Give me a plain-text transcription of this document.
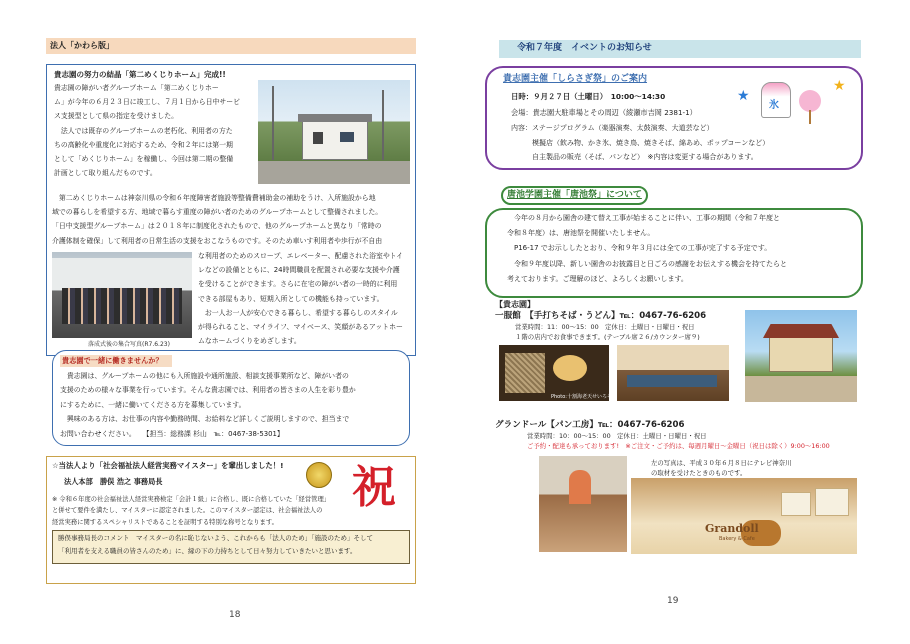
法人「かわら版」
貴志園の努力の結晶「第二めくじりホーム」完成!!
貴志園の障がい者グループホーム「第二めくじりホー
ム」が今年の６月２３日に竣工し、７月１日から日中サービ
ス支援型として県の指定を受けました。
　法人では既存のグループホームの老朽化、利用者の方た
ちの高齢化や重度化に対応するため、令和２年には第一期
として「めくじりホーム」を稼働し、今回は第二期の整備
計画として取り組んだものです。
　第二めくじりホームは神奈川県の令和６年度障害者施設等整備費補助金の補助をうけ、入所施設から地
域での暮らしを希望する方、地域で暮らす重度の障がい者のためのグループホームとして整備されました。
「日中支援型グループホーム」は２０１８年に制度化されたもので、他のグループホームと異なり「常時の
介護体制を確保」して利用者の日常生活の支援をおこなうものです。そのため車いす利用者や歩行が不自由
落成式後の集合写真(R7.6.23)
な利用者のためのスロープ、エレベーター、配慮された浴室やトイ
レなどの設備とともに、24時間職員を配置され必要な支援や介護
を受けることができます。さらに在宅の障がい者の一時的に利用
できる部屋もあり、短期入所としての機能も持っています。
　お一人お一人が安心できる暮らし、希望する暮らしのスタイル
が得られること、マイライフ、マイベース、笑顔があるアットホー
ムなホームづくりをめざします。
貴志園で一緒に働きませんか？
　貴志園は、グループホームの他にも入所施設や通所施設、相談支援事業所など、障がい者の
支援のための様々な事業を行っています。そんな貴志園では、利用者の皆さまの人生を彩り豊か
にするために、一緒に働いてくださる方を募集しています。
　興味のある方は、お仕事の内容や勤務時間、お給料など詳しくご説明しますので、担当まで
お問い合わせください。　　【担当：総務課 杉山　℡：0467-38-5301】
☆当法人より「社会福祉法人経営実務マイスター」を輩出しました！!
法人本部　勝俣 浩之 事務局長	祝
※ 令和６年度の社会福祉法人経営実務検定「会計１級」に合格し、既に合格していた「経営管理」
と併せて要件を満たし、マイスターに認定されました。このマイスター認定は、社会福祉法人の
経営実務に関するスペシャリストであることを証明する特別な称号となります。
勝俣事務局長のコメント　マイスターの名に恥じないよう、これからも「法人のため」「施設のため」そして
「利用者を支える職員の皆さんのため」に、縁の下の力持ちとして日々努力していきたいと思います。
18
令和７年度　イベントのお知らせ
貴志園主催「しらさぎ祭」のご案内
日時：９月２７日（土曜日）　10:00～14:30
会場：貴志園大駐車場とその周辺（綾瀬市吉岡 2381-1）
内容：ステージプログラム（楽器演奏、太鼓演奏、大道芸など）
　　　模擬店（飲み物、かき氷、焼き鳥、焼きそば、綿あめ、ポップコーンなど）
　　　自主製品の販売（そば、パンなど）　※内容は変更する場合があります。
★
★
氷
唐池学園主催「唐池祭」について
　今年の８月から園舎の建て替え工事が始まることに伴い、工事の期間（令和７年度と
令和８年度）は、唐池祭を開催いたしません。
　P16-17 でお示ししたとおり、令和９年３月には全ての工事が完了する予定です。
　令和９年度以降、新しい園舎のお披露目と日ごろの感謝をお伝えする機会を持てたらと
考えております。ご理解のほど、よろしくお願いします。
【貴志園】
一服館　【手打ちそば・うどん】℡：0467-76-6206
営業時間：11：00～15：00　定休日：土曜日・日曜日・祝日
１階の店内でお食事できます。(テーブル席２６/カウンター席９)
Photo:十割海老天せいろそば
グランドール【パン工房】℡：0467-76-6206
営業時間：10：00～15：00　定休日：土曜日・日曜日・祝日
ご予約・配達も承っております!　※ご注文・ご予約は、毎週月曜日～金曜日（祝日は除く）9:00～16:00
左の写真は、平成３０年６月８日にテレビ神奈川
の取材を受けたときのものです。
Grandoll
Bakery & Cafe
19
